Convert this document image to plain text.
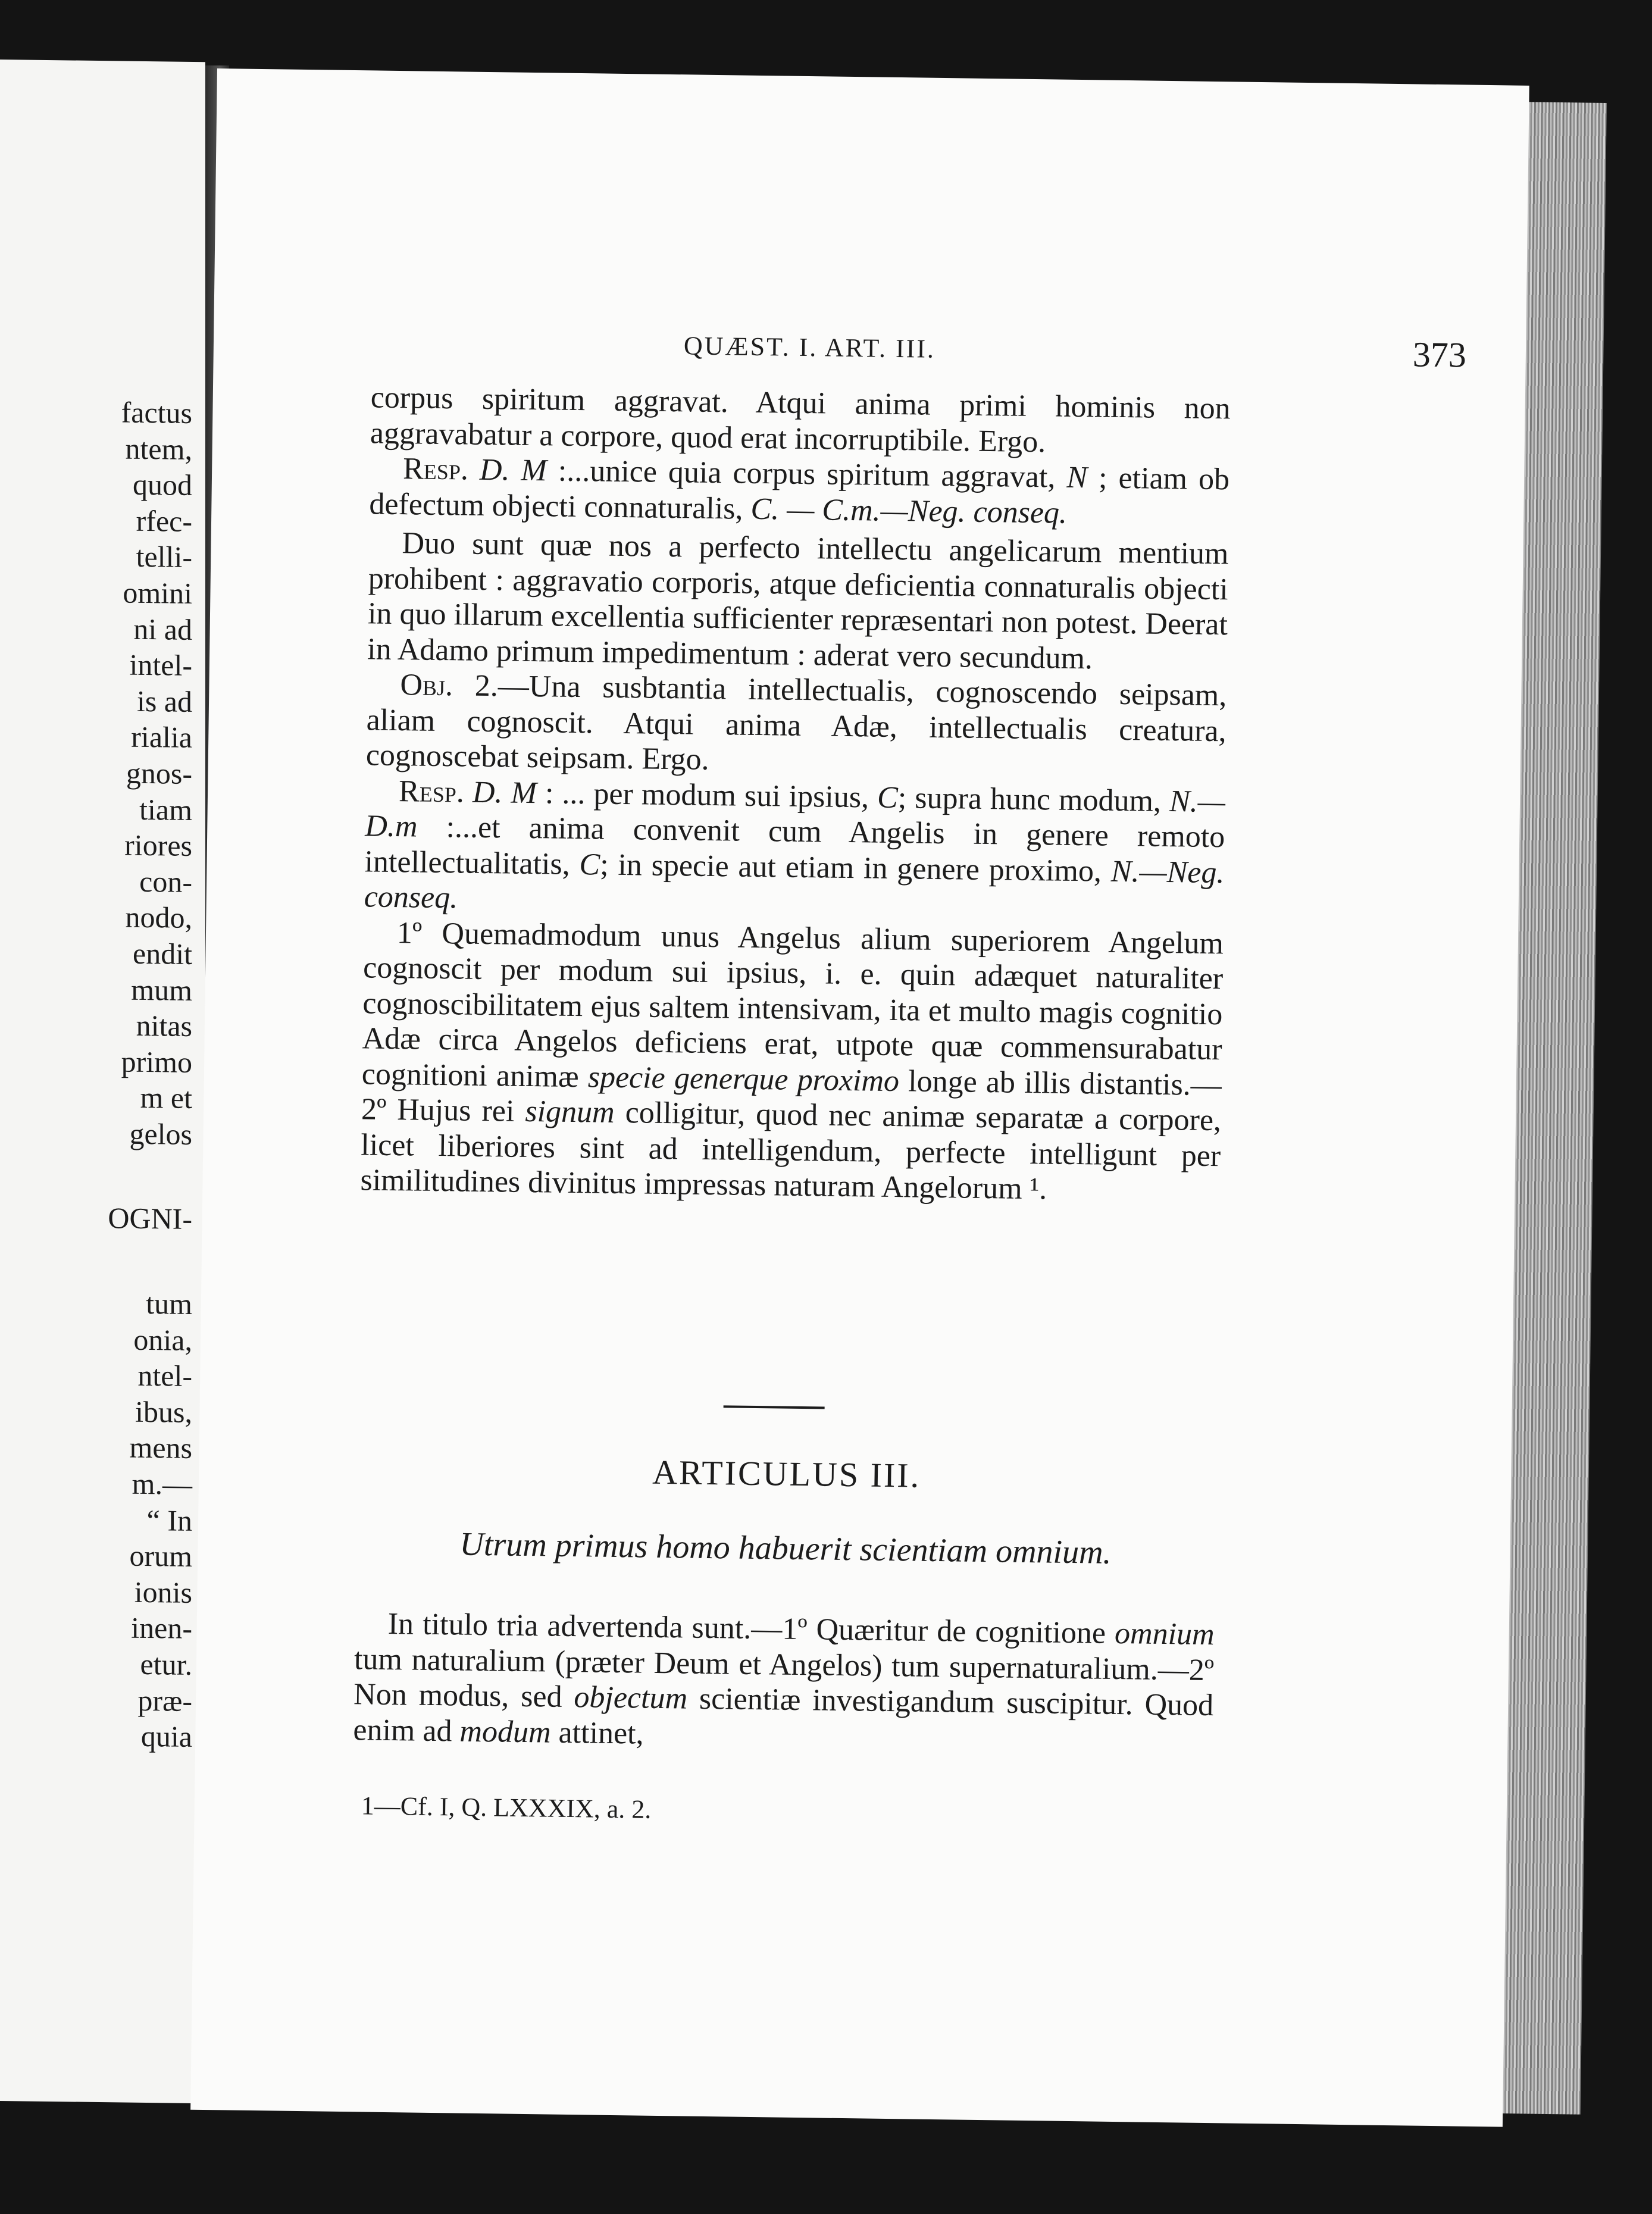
factus
ntem,
quod
rfec-
telli-
omini
ni ad
intel-
is ad
rialia
gnos-
tiam
riores
con-
nodo,
endit
mum
nitas
primo
m et
gelos
OGNI-
tum
onia,
ntel-
ibus,
mens
m.—
“ In
orum
ionis
inen-
etur.
præ-
quia
QUÆST. I. ART. III.	373

corpus spiritum aggravat. Atqui anima primi hominis non aggravabatur a corpore, quod erat incorruptibile. Ergo.

Resp. D. M :...unice quia corpus spiritum aggravat, N ; etiam ob defectum objecti connaturalis, C. — C.m.—Neg. conseq.

Duo sunt quæ nos a perfecto intellectu angelicarum mentium prohibent : aggravatio corporis, atque deficientia connaturalis objecti in quo illarum excellentia sufficienter repræsentari non potest. Deerat in Adamo primum impedimentum : aderat vero secundum.

Obj. 2.—Una susbtantia intellectualis, cognoscendo seipsam, aliam cognoscit. Atqui anima Adæ, intellectualis creatura, cognoscebat seipsam. Ergo.

Resp. D. M : ... per modum sui ipsius, C; supra hunc modum, N.—D.m :...et anima convenit cum Angelis in genere remoto intellectualitatis, C; in specie aut etiam in genere proximo, N.—Neg. conseq.

1º Quemadmodum unus Angelus alium superiorem Angelum cognoscit per modum sui ipsius, i. e. quin adæquet naturaliter cognoscibilitatem ejus saltem intensivam, ita et multo magis cognitio Adæ circa Angelos deficiens erat, utpote quæ commensurabatur cognitioni animæ specie generque proximo longe ab illis distantis.—2º Hujus rei signum colligitur, quod nec animæ separatæ a corpore, licet liberiores sint ad intelligendum, perfecte intelligunt per similitudines divinitus impressas naturam Angelorum ¹.

ARTICULUS III.
Utrum primus homo habuerit scientiam omnium.

In titulo tria advertenda sunt.—1º Quæritur de cognitione omnium tum naturalium (præter Deum et Angelos) tum supernaturalium.—2º Non modus, sed objectum scientiæ investigandum suscipitur. Quod enim ad modum attinet,

1—Cf. I, Q. LXXXIX, a. 2.
